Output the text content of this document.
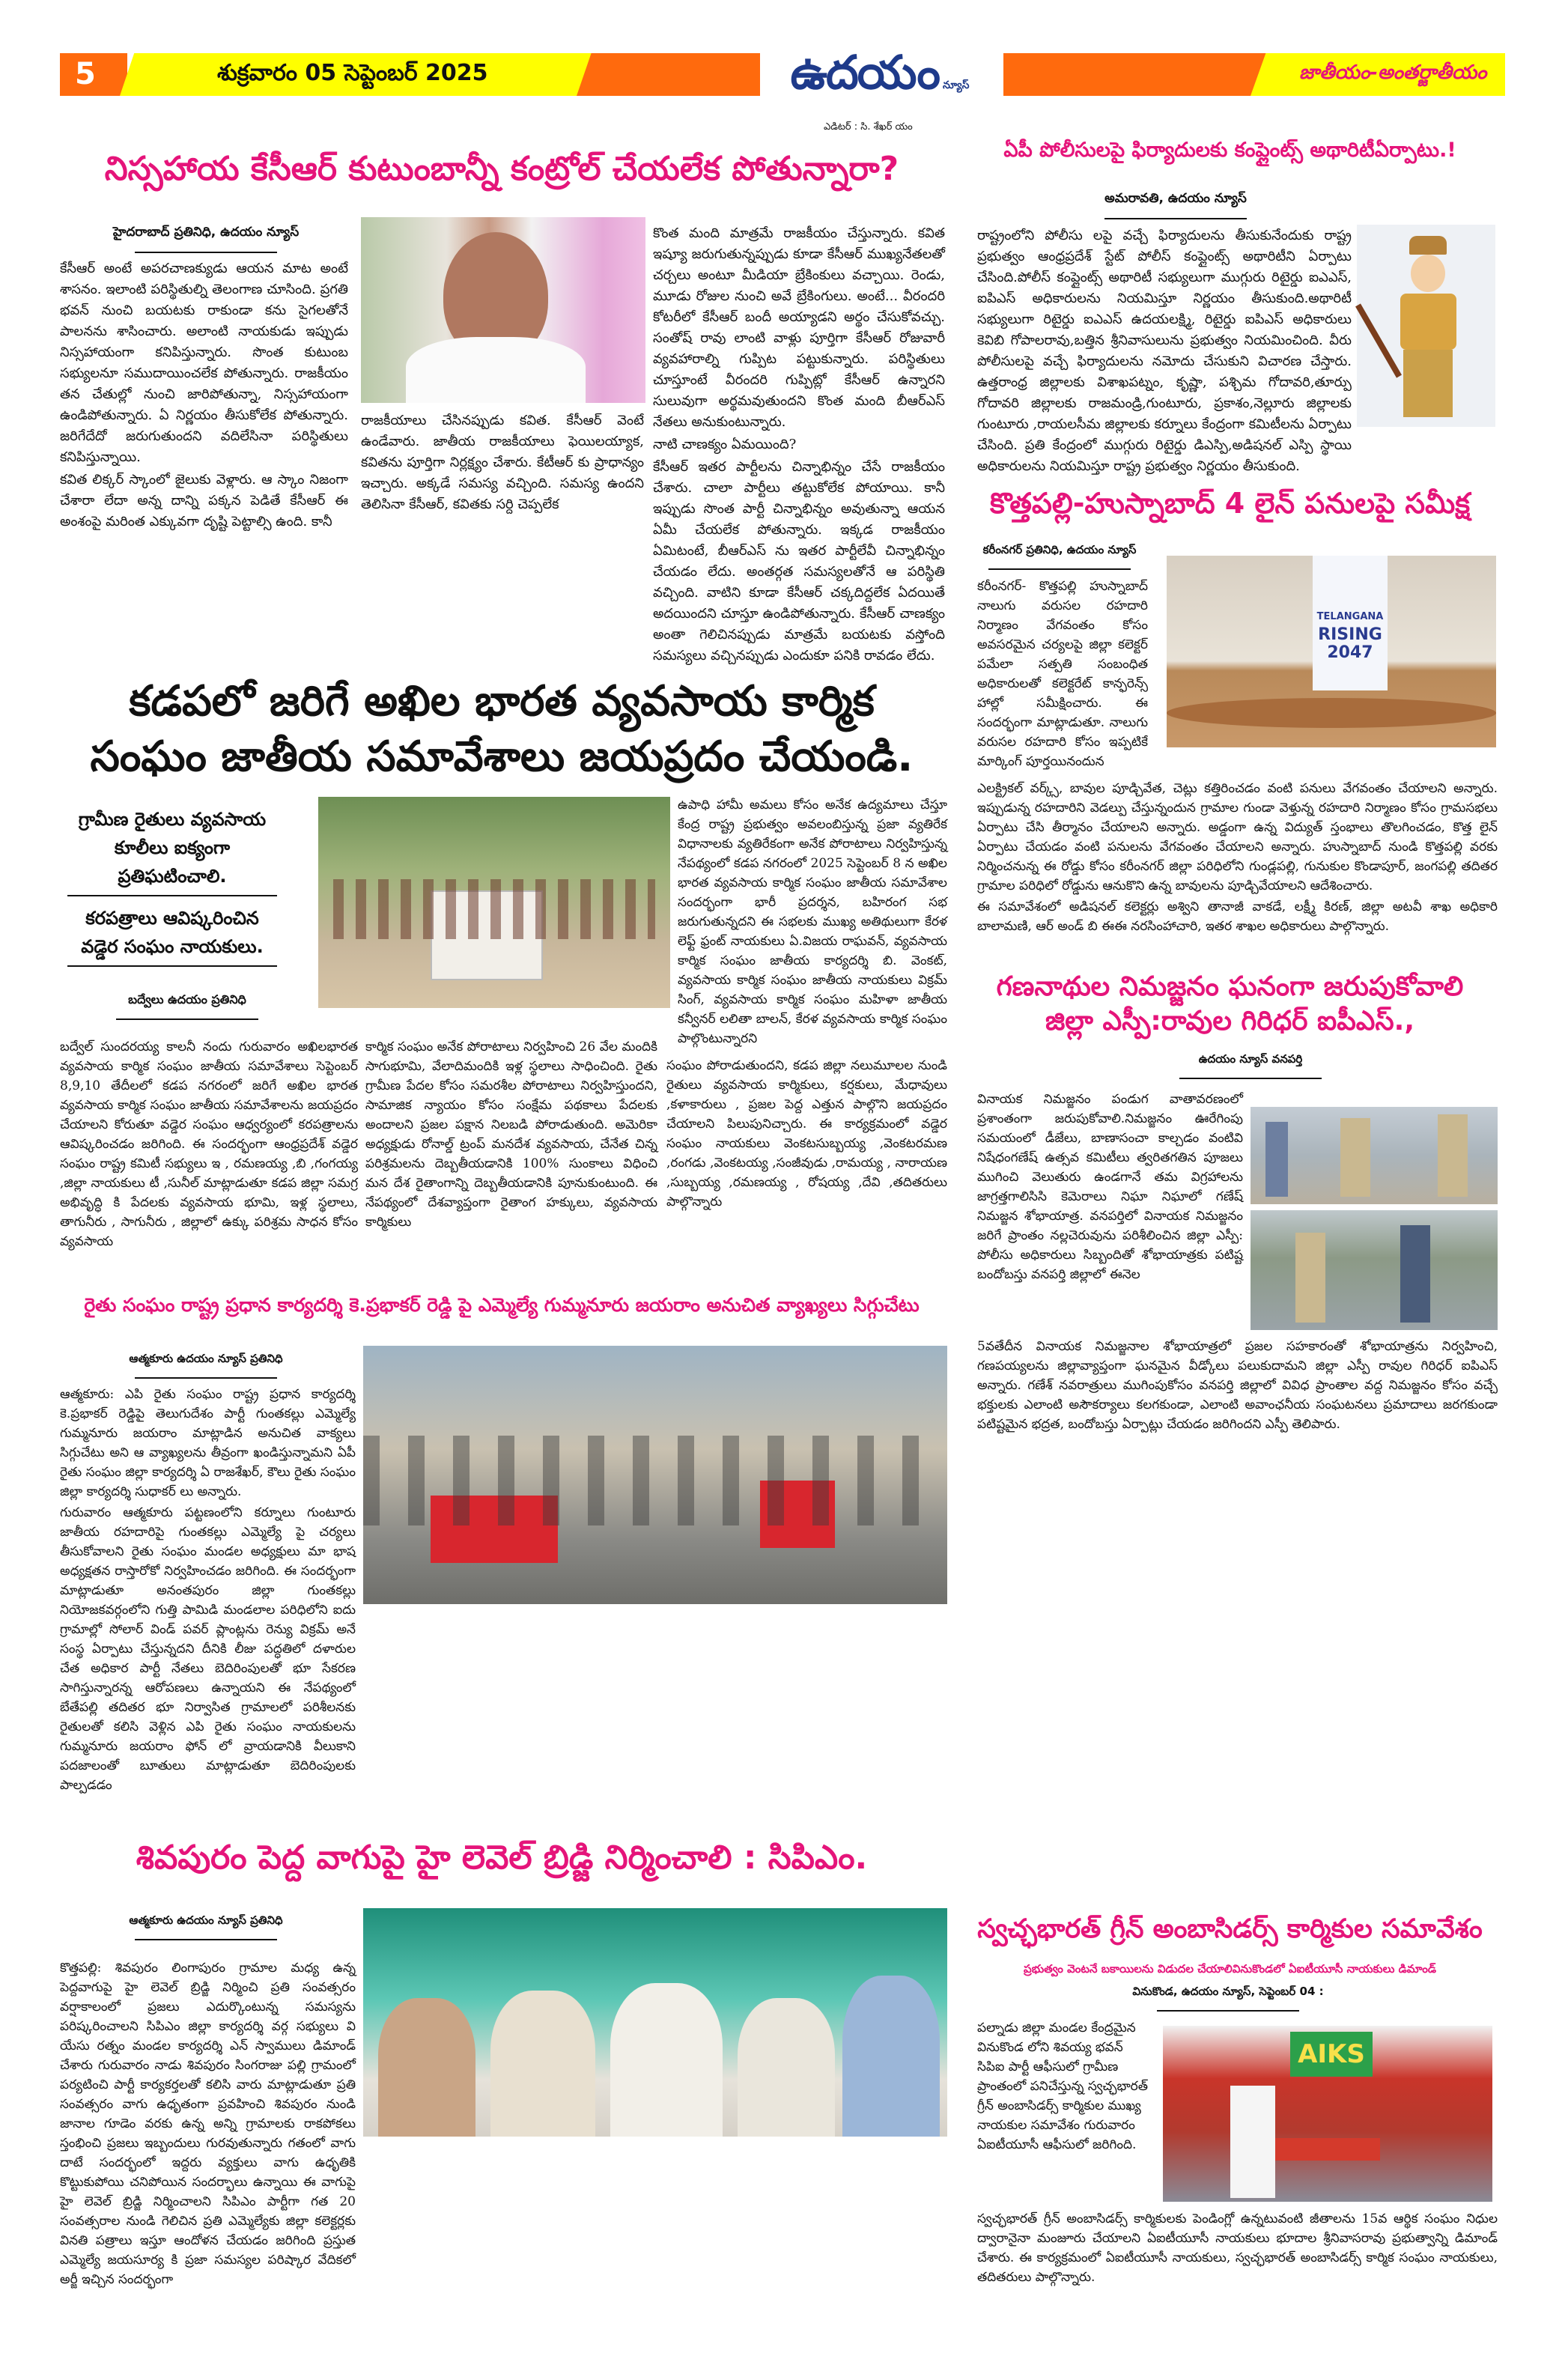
5	శుక్రవారం 05 సెప్టెంబర్ 2025	ఉదయం న్యూస్
ఎడిటర్ : సి. శేఖర్ యం
జాతీయం-అంతర్జాతీయం
నిస్సహాయ కేసీఆర్ కుటుంబాన్నీ కంట్రోల్ చేయలేక పోతున్నారా?
హైదరాబాద్ ప్రతినిధి, ఉదయం న్యూస్

కేసీఆర్ అంటే అపరచాణక్యుడు ఆయన మాట అంటే శాసనం. ఇలాంటి పరిస్థితుల్ని తెలంగాణ చూసింది. ప్రగతి భవన్ నుంచి బయటకు రాకుండా కను సైగలతోనే పాలనను శాసించారు. అలాంటి నాయకుడు ఇప్పుడు నిస్సహాయంగా కనిపిస్తున్నారు. సొంత కుటుంబ సభ్యులనూ సముదాయించలేక పోతున్నారు. రాజకీయం తన చేతుల్లో నుంచి జారిపోతున్నా, నిస్సహాయంగా ఉండిపోతున్నారు. ఏ నిర్ణయం తీసుకోలేక పోతున్నారు. జరిగేదేదో జరుగుతుందని వదిలేసినా పరిస్థితులు కనిపిస్తున్నాయి.

కవిత లిక్కర్ స్కాంలో జైలుకు వెళ్లారు. ఆ స్కాం నిజంగా చేశారా లేదా అన్న దాన్ని పక్కన పెడితే కేసీఆర్ ఈ అంశంపై మరింత ఎక్కువగా దృష్టి పెట్టాల్సి ఉంది. కానీ

రాజకీయాలు చేసినప్పుడు కవిత. కేసీఆర్ వెంటే ఉండేవారు. జాతీయ రాజకీయాలు ఫెయిలయ్యాక, కవితను పూర్తిగా నిర్లక్ష్యం చేశారు. కేటీఆర్ కు ప్రాధాన్యం ఇచ్చారు. అక్కడే సమస్య వచ్చింది. సమస్య ఉందని తెలిసినా కేసీఆర్, కవితకు సర్ది చెప్పలేక

కొంత మంది మాత్రమే రాజకీయం చేస్తున్నారు. కవిత ఇష్యూ జరుగుతున్నప్పుడు కూడా కేసీఆర్ ముఖ్యనేతలతో చర్చలు అంటూ మీడియా బ్రేకింకులు వచ్చాయి. రెండు, మూడు రోజుల నుంచి అవే బ్రేకింగులు. అంటే... వీరందరి కోటరీలో కేసీఆర్ బందీ అయ్యాడని అర్థం చేసుకోవచ్చు. సంతోష్ రావు లాంటి వాళ్లు పూర్తిగా కేసీఆర్ రోజువారీ వ్యవహారాల్ని గుప్పిట పట్టుకున్నారు. పరిస్థితులు చూస్తూంటే వీరందరి గుప్పిట్లో కేసీఆర్ ఉన్నారని సులువుగా అర్థమవుతుందని కొంత మంది బీఆర్ఎస్ నేతలు అనుకుంటున్నారు.

నాటి చాణక్యం ఏమయింది?

కేసీఆర్ ఇతర పార్టీలను చిన్నాభిన్నం చేసే రాజకీయం చేశారు. చాలా పార్టీలు తట్టుకోలేక పోయాయి. కానీ ఇప్పుడు సొంత పార్టీ చిన్నాభిన్నం అవుతున్నా ఆయన ఏమీ చేయలేక పోతున్నారు. ఇక్కడ రాజకీయం ఏమిటంటే, బీఆర్ఎస్ ను ఇతర పార్టీలేవీ చిన్నాభిన్నం చేయడం లేదు. అంతర్గత సమస్యలతోనే ఆ పరిస్థితి వచ్చింది. వాటిని కూడా కేసీఆర్ చక్కదిద్దలేక ఏదయితే అదయిందని చూస్తూ ఉండిపోతున్నారు. కేసీఆర్ చాణక్యం అంతా గెలిచినప్పుడు మాత్రమే బయటకు వస్తోంది సమస్యలు వచ్చినప్పుడు ఎందుకూ పనికి రావడం లేదు.

ఏపీ పోలీసులపై ఫిర్యాదులకు కంప్లైంట్స్ అథారిటీఏర్పాటు.!
అమరావతి, ఉదయం న్యూస్

రాష్ట్రంలోని పోలీసు లపై వచ్చే ఫిర్యాదులను తీసుకునేందుకు రాష్ట్ర ప్రభుత్వం ఆంధ్రప్రదేశ్ స్టేట్ పోలీస్ కంప్లైంట్స్ అథారిటీని ఏర్పాటు చేసింది.పోలీస్ కంప్లైంట్స్ అథారిటీ సభ్యులుగా ముగ్గురు రిటైర్డు ఐఎఎస్, ఐపిఎస్ అధికారులను నియమిస్తూ నిర్ణయం తీసుకుంది.అథారిటీ సభ్యులుగా రిటైర్డు ఐఎఎస్ ఉదయలక్ష్మి, రిటైర్డు ఐపిఎస్ అధికారులు కెవిబి గోపాలరావు,బత్తిన శ్రీనివాసులును ప్రభుత్వం నియమించింది. వీరు పోలీసులపై వచ్చే ఫిర్యాదులను నమోదు చేసుకుని విచారణ చేస్తారు. ఉత్తరాంధ్ర జిల్లాలకు విశాఖపట్నం, కృష్ణా, పశ్చిమ గోదావరి,తూర్పు గోదావరి జిల్లాలకు రాజమండ్రి,గుంటూరు, ప్రకాశం,నెల్లూరు జిల్లాలకు గుంటూరు ,రాయలసీమ జిల్లాలకు కర్నూలు కేంద్రంగా కమిటీలను ఏర్పాటు చేసింది. ప్రతి కేంద్రంలో ముగ్గురు రిటైర్డు డిఎస్పి,అడిషనల్ ఎస్పి స్థాయి అధికారులను నియమిస్తూ రాష్ట్ర ప్రభుత్వం నిర్ణయం తీసుకుంది.

కొత్తపల్లి-హుస్నాబాద్ 4 లైన్ పనులపై సమీక్ష
కరీంనగర్ ప్రతినిధి, ఉదయం న్యూస్

కరీంనగర్- కొత్తపల్లి హుస్నాబాద్ నాలుగు వరుసల రహదారి నిర్మాణం వేగవంతం కోసం అవసరమైన చర్యలపై జిల్లా కలెక్టర్ పమేలా సత్పతి సంబంధిత అధికారులతో కలెక్టరేట్ కాన్ఫరెన్స్ హాల్లో సమీక్షించారు. ఈ సందర్భంగా మాట్లాడుతూ. నాలుగు వరుసల రహదారి కోసం ఇప్పటికే మార్కింగ్ పూర్తయినందున

TELANGANA
RISING
2047

ఎలక్ట్రికల్ వర్క్స్, బావుల పూడ్చివేత, చెట్లు కత్తిరించడం వంటి పనులు వేగవంతం చేయాలని అన్నారు. ఇప్పుడున్న రహదారిని వెడల్పు చేస్తున్నందున గ్రామాల గుండా వెళ్తున్న రహదారి నిర్మాణం కోసం గ్రామసభలు ఏర్పాటు చేసి తీర్మానం చేయాలని అన్నారు. అడ్డంగా ఉన్న విద్యుత్ స్తంభాలు తొలగించడం, కొత్త లైన్ ఏర్పాటు చేయడం వంటి పనులను వేగవంతం చేయాలని అన్నారు. హుస్నాబాద్ నుండి కొత్తపల్లి వరకు నిర్మించనున్న ఈ రోడ్డు కోసం కరీంనగర్ జిల్లా పరిధిలోని గుండ్లపల్లి, గునుకుల కొండాపూర్, జంగపల్లి తదితర గ్రామాల పరిధిలో రోడ్డును ఆనుకొని ఉన్న బావులను పూడ్చివేయాలని ఆదేశించారు.

ఈ సమావేశంలో అడిషనల్ కలెక్టర్లు అశ్విని తానాజీ వాకడే, లక్ష్మీ కిరణ్, జిల్లా అటవీ శాఖ అధికారి బాలామణి, ఆర్ అండ్ బి ఈఈ నరసింహాచారి, ఇతర శాఖల అధికారులు పాల్గొన్నారు.

కడపలో జరిగే అఖిల భారత వ్యవసాయ కార్మిక
సంఘం జాతీయ సమావేశాలు జయప్రదం చేయండి.
గ్రామీణ రైతులు వ్యవసాయ కూలీలు ఐక్యంగా ప్రతిఘటించాలి.
కరపత్రాలు ఆవిష్కరించిన వడ్డెర సంఘం నాయకులు.

ఉపాధి హామీ అమలు కోసం అనేక ఉద్యమాలు చేస్తూ కేంద్ర రాష్ట్ర ప్రభుత్వం అవలంబిస్తున్న ప్రజా వ్యతిరేక విధానాలకు వ్యతిరేకంగా అనేక పోరాటాలు నిర్వహిస్తున్న నేపథ్యంలో కడప నగరంలో 2025 సెప్టెంబర్ 8 న అఖిల భారత వ్యవసాయ కార్మిక సంఘం జాతీయ సమావేశాల సందర్భంగా భారీ ప్రదర్శన, బహిరంగ సభ జరుగుతున్నదని ఈ సభలకు ముఖ్య అతిథులుగా కేరళ లెఫ్ట్ ఫ్రంట్ నాయకులు ఏ.విజయ రాఘవన్, వ్యవసాయ కార్మిక సంఘం జాతీయ కార్యదర్శి బి. వెంకట్, వ్యవసాయ కార్మిక సంఘం జాతీయ నాయకులు విక్రమ్ సింగ్, వ్యవసాయ కార్మిక సంఘం మహిళా జాతీయ కన్వీనర్ లలితా బాలన్, కేరళ వ్యవసాయ కార్మిక సంఘం పాల్గొంటున్నారని

బద్వేలు ఉదయం ప్రతినిధి

బద్వేల్ సుందరయ్య కాలనీ నందు గురువారం అఖిలభారత వ్యవసాయ కార్మిక సంఘం జాతీయ సమావేశాలు సెప్టెంబర్ 8,9,10 తేదీలలో కడప నగరంలో జరిగే అఖిల భారత వ్యవసాయ కార్మిక సంఘం జాతీయ సమావేశాలను జయప్రదం చేయాలని కోరుతూ వడ్డెర సంఘం ఆధ్వర్యంలో కరపత్రాలను ఆవిష్కరించడం జరిగింది. ఈ సందర్భంగా ఆంధ్రప్రదేశ్ వడ్డెర సంఘం రాష్ట్ర కమిటీ సభ్యులు ఇ , రమణయ్య ,బి ,గంగయ్య ,జిల్లా నాయకులు టీ ,సునీల్ మాట్లాడుతూ కడప జిల్లా సమగ్ర అభివృద్ధి కి పేదలకు వ్యవసాయ భూమి, ఇళ్ల స్థలాలు, తాగునీరు , సాగునీరు , జిల్లాలో ఉక్కు పరిశ్రమ సాధన కోసం వ్యవసాయ

కార్మిక సంఘం అనేక పోరాటాలు నిర్వహించి 26 వేల మందికి సాగుభూమి, వేలాదిమందికి ఇళ్ల స్థలాలు సాధించింది. రైతు గ్రామీణ పేదల కోసం సమరశీల పోరాటాలు నిర్వహిస్తుందని, సామాజిక న్యాయం కోసం సంక్షేమ పథకాలు పేదలకు అందాలని ప్రజల పక్షాన నిలబడి పోరాడుతుంది. అమెరికా అధ్యక్షుడు రోనాల్డ్ ట్రంప్ మనదేశ వ్యవసాయ, చేనేత చిన్న పరిశ్రమలను దెబ్బతీయడానికి 100% సుంకాలు విధించి మన దేశ రైతాంగాన్ని దెబ్బతీయడానికి పూనుకుంటుంది. ఈ నేపథ్యంలో దేశవ్యాప్తంగా రైతాంగ హక్కులు, వ్యవసాయ కార్మికులు

సంఘం పోరాడుతుందని, కడప జిల్లా నలుమూలల నుండి రైతులు వ్యవసాయ కార్మికులు, కర్షకులు, మేధావులు ,కళాకారులు , ప్రజల పెద్ద ఎత్తున పాల్గొని జయప్రదం చేయాలని పిలుపునిచ్చారు. ఈ కార్యక్రమంలో వడ్డెర సంఘం నాయకులు వెంకటసుబ్బయ్య ,వెంకటరమణ ,రంగడు ,వెంకటయ్య ,సంజీవుడు ,రామయ్య , నారాయణ ,సుబ్బయ్య ,రమణయ్య , రోషయ్య ,దేవి ,తదితరులు పాల్గొన్నారు

గణనాథుల నిమజ్జనం ఘనంగా జరుపుకోవాలి
జిల్లా ఎస్పీ:రావుల గిరిధర్ ఐపీఎస్.,
ఉదయం న్యూస్ వనపర్తి

వినాయక నిమజ్జనం పండుగ వాతావరణంలో ప్రశాంతంగా జరుపుకోవాలి.నిమజ్జనం ఊరేగింపు సమయంలో డీజేలు, బాణాసంచా కాల్చడం వంటివి నిషేధంగణేష్ ఉత్సవ కమిటీలు త్వరితగతిన పూజలు ముగించి వెలుతురు ఉండగానే తమ విగ్రహాలను జాగ్రత్తగాలిసిసి కెమెరాలు నిఘా నిఘాలో గణేష్ నిమజ్జన శోభాయాత్ర. వనపర్తిలో వినాయక నిమజ్జనం జరిగే ప్రాంతం నల్లచెరువును పరిశీలించిన జిల్లా ఎస్పీ: పోలీసు అధికారులు సిబ్బందితో శోభాయాత్రకు పటిష్ట బందోబస్తు వనపర్తి జిల్లాలో ఈనెల

5వతేదీన వినాయక నిమజ్జనాల శోభాయాత్రలో ప్రజల సహకారంతో శోభాయాత్రను నిర్వహించి, గణపయ్యలను జిల్లావ్యాప్తంగా ఘనమైన వీడ్కోలు పలుకుదామని జిల్లా ఎస్పీ రావుల గిరిధర్ ఐపిఎస్ అన్నారు. గణేశ్ నవరాత్రులు ముగింపుకోసం వనపర్తి జిల్లాలో వివిధ ప్రాంతాల వద్ద నిమజ్జనం కోసం వచ్చే భక్తులకు ఎలాంటి అసౌకర్యాలు కలగకుండా, ఎలాంటి అవాంఛనీయ సంఘటనలు ప్రమాదాలు జరగకుండా పటిష్టమైన భద్రత, బందోబస్తు ఏర్పాట్లు చేయడం జరిగిందని ఎస్పీ తెలిపారు.

రైతు సంఘం రాష్ట్ర ప్రధాన కార్యదర్శి కె.ప్రభాకర్ రెడ్డి పై ఎమ్మెల్యే గుమ్మనూరు జయరాం అనుచిత వ్యాఖ్యలు సిగ్గుచేటు
ఆత్మకూరు ఉదయం న్యూస్ ప్రతినిధి

ఆత్మకూరు: ఎపి రైతు సంఘం రాష్ట్ర ప్రధాన కార్యదర్శి కె.ప్రభాకర్ రెడ్డిపై తెలుగుదేశం పార్టీ గుంతకల్లు ఎమ్మెల్యే గుమ్మనూరు జయరాం మాట్లాడిన అనుచిత వాక్యలు సిగ్గుచేటు అని ఆ వ్యాఖ్యలను తీవ్రంగా ఖండిస్తున్నామని ఏపీ రైతు సంఘం జిల్లా కార్యదర్శి ఏ రాజశేఖర్, కౌలు రైతు సంఘం జిల్లా కార్యదర్శి సుధాకర్ లు అన్నారు.

గురువారం ఆత్మకూరు పట్టణంలోని కర్నూలు గుంటూరు జాతీయ రహదారిపై గుంతకల్లు ఎమ్మెల్యే పై చర్యలు తీసుకోవాలని రైతు సంఘం మండల అధ్యక్షులు మా భాష అధ్యక్షతన రాస్తారోకో నిర్వహించడం జరిగింది. ఈ సందర్భంగా మాట్లాడుతూ అనంతపురం జిల్లా గుంతకల్లు నియోజకవర్గంలోని గుత్తి పామిడి మండలాల పరిధిలోని ఐదు గ్రామాల్లో సోలార్ విండ్ పవర్ ప్లాంట్లను రెన్యు విక్రమ్ అనే సంస్థ ఏర్పాటు చేస్తున్నదని దీనికి లీజు పద్ధతిలో దళారుల చేత అధికార పార్టీ నేతలు బెదిరింపులతో భూ సేకరణ సాగిస్తున్నారన్న ఆరోపణలు ఉన్నాయని ఈ నేపథ్యంలో బేతేపల్లి తదితర భూ నిర్వాసిత గ్రామాలలో పరిశీలనకు రైతులతో కలిసి వెళ్లిన ఎపి రైతు సంఘం నాయకులను గుమ్మనూరు జయరాం ఫోన్ లో వ్రాయడానికి వీలుకాని పదజాలంతో బూతులు మాట్లాడుతూ బెదిరింపులకు పాల్పడడం

శివపురం పెద్ద వాగుపై హై లెవెల్ బ్రిడ్జి నిర్మించాలి : సిపిఎం.
ఆత్మకూరు ఉదయం న్యూస్ ప్రతినిధి

కొత్తపల్లి: శివపురం లింగాపురం గ్రామాల మధ్య ఉన్న పెద్దవాగుపై హై లెవెల్ బ్రిడ్జి నిర్మించి ప్రతి సంవత్సరం వర్షాకాలంలో ప్రజలు ఎదుర్కొంటున్న సమస్యను పరిష్కరించాలని సిపిఎం జిల్లా కార్యదర్శి వర్గ సభ్యులు వి యేసు రత్నం మండల కార్యదర్శి ఎన్ స్వాములు డిమాండ్ చేశారు గురువారం నాడు శివపురం సింగరాజు పల్లి గ్రామంలో పర్యటించి పార్టీ కార్యకర్తలతో కలిసి వారు మాట్లాడుతూ ప్రతి సంవత్సరం వాగు ఉధృతంగా ప్రవహించి శివపురం నుండి జానాల గూడెం వరకు ఉన్న అన్ని గ్రామాలకు రాకపోకలు స్తంభించి ప్రజలు ఇబ్బందులు గురవుతున్నారు గతంలో వాగు దాటే సందర్భంలో ఇద్దరు వ్యక్తులు వాగు ఉధృతికి కొట్టుకుపోయి చనిపోయిన సందర్భాలు ఉన్నాయి ఈ వాగుపై హై లెవెల్ బ్రిడ్జి నిర్మించాలని సిపిఎం పార్టీగా గత 20 సంవత్సరాల నుండి గెలిచిన ప్రతి ఎమ్మెల్యేకు జిల్లా కలెక్టర్లకు వినతి పత్రాలు ఇస్తూ ఆందోళన చేయడం జరిగింది ప్రస్తుత ఎమ్మెల్యే జయసూర్య కి ప్రజా సమస్యల పరిష్కార వేదికలో అర్జీ ఇచ్చిన సందర్భంగా

స్వచ్ఛభారత్ గ్రీన్ అంబాసిడర్స్ కార్మికుల సమావేశం
ప్రభుత్వం వెంటనే బకాయిలను విడుదల చేయాలివినుకొండలో ఏఐటీయూసీ నాయకులు డిమాండ్
వినుకొండ, ఉదయం న్యూస్, సెప్టెంబర్ 04 :

పల్నాడు జిల్లా మండల కేంద్రమైన వినుకొండ లోని శివయ్య భవన్ సిపిఐ పార్టీ ఆఫీసులో గ్రామీణ ప్రాంతంలో పనిచేస్తున్న స్వచ్ఛభారత్ గ్రీన్ అంబాసిడర్స్ కార్మికుల ముఖ్య నాయకుల సమావేశం గురువారం ఏఐటీయూసీ ఆఫీసులో జరిగింది.

AIKS

స్వచ్ఛభారత్ గ్రీన్ అంబాసిడర్స్ కార్మికులకు పెండింగ్లో ఉన్నటువంటి జీతాలను 15వ ఆర్థిక సంఘం నిధుల ద్వారానైనా మంజూరు చేయాలని ఏఐటీయూసీ నాయకులు భూదాల శ్రీనివాసరావు ప్రభుత్వాన్ని డిమాండ్ చేశారు. ఈ కార్యక్రమంలో ఏఐటీయూసీ నాయకులు, స్వచ్ఛభారత్ అంబాసిడర్స్ కార్మిక సంఘం నాయకులు, తదితరులు పాల్గొన్నారు.
